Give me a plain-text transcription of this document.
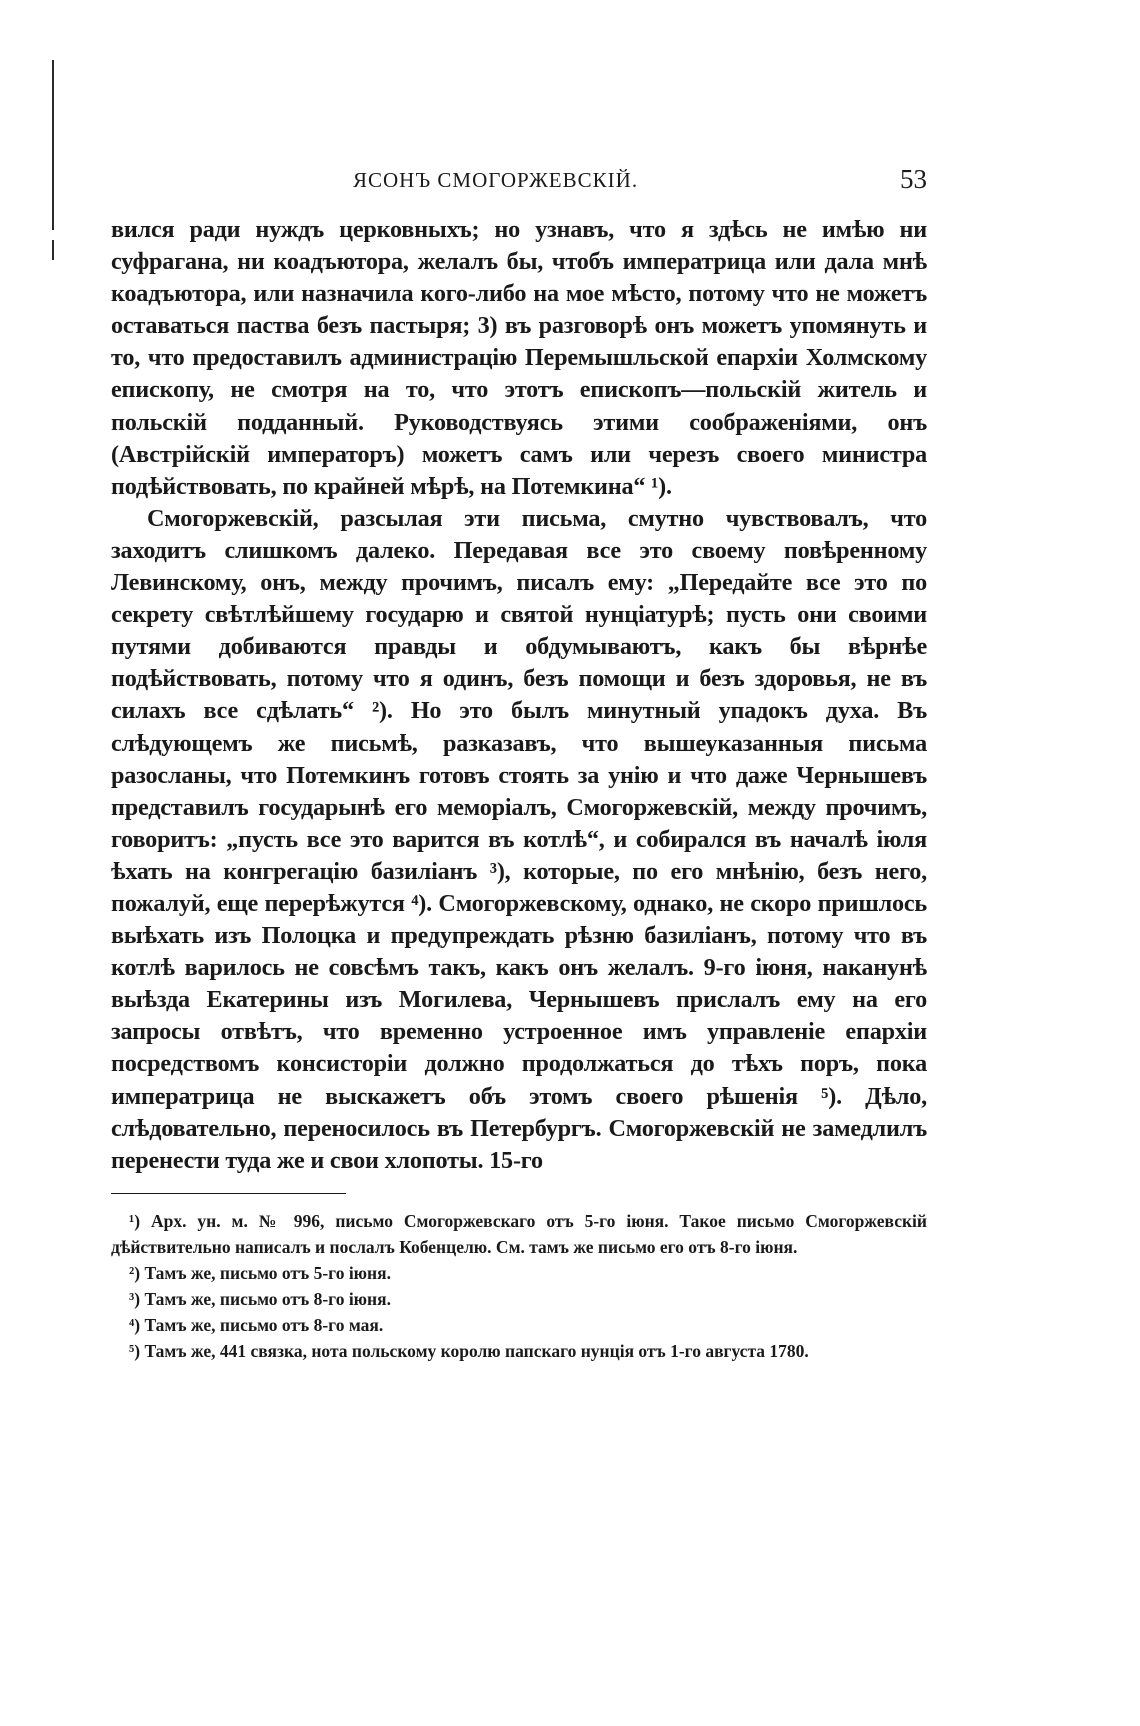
ЯСОНЪ СМОГОРЖЕВСКІЙ.	53

вился ради нуждъ церковныхъ; но узнавъ, что я здѣсь не имѣю ни суфрагана, ни коадъютора, желалъ бы, чтобъ императрица или дала мнѣ коадъютора, или назначила кого-либо на мое мѣсто, потому что не можетъ оставаться паства безъ пастыря; 3) въ разговорѣ онъ можетъ упомянуть и то, что предоставилъ администрацію Перемышльской епархіи Холмскому епископу, не смотря на то, что этотъ епископъ—польскій житель и польскій подданный. Руководствуясь этими соображеніями, онъ (Австрійскій императоръ) можетъ самъ или черезъ своего министра подѣйствовать, по крайней мѣрѣ, на Потемкина“ ¹).

Смогоржевскій, разсылая эти письма, смутно чувствовалъ, что заходитъ слишкомъ далеко. Передавая все это своему повѣренному Левинскому, онъ, между прочимъ, писалъ ему: „Передайте все это по секрету свѣтлѣйшему государю и святой нунціатурѣ; пусть они своими путями добиваются правды и обдумываютъ, какъ бы вѣрнѣе подѣйствовать, потому что я одинъ, безъ помощи и безъ здоровья, не въ силахъ все сдѣлать“ ²). Но это былъ минутный упадокъ духа. Въ слѣдующемъ же письмѣ, разказавъ, что вышеуказанныя письма разосланы, что Потемкинъ готовъ стоять за унію и что даже Чернышевъ представилъ государынѣ его меморіалъ, Смогоржевскій, между прочимъ, говоритъ: „пусть все это варится въ котлѣ“, и собирался въ началѣ іюля ѣхать на конгрегацію базиліанъ ³), которые, по его мнѣнію, безъ него, пожалуй, еще перерѣжутся ⁴). Смогоржевскому, однако, не скоро пришлось выѣхать изъ Полоцка и предупреждать рѣзню базиліанъ, потому что въ котлѣ варилось не совсѣмъ такъ, какъ онъ желалъ. 9-го іюня, наканунѣ выѣзда Екатерины изъ Могилева, Чернышевъ прислалъ ему на его запросы отвѣтъ, что временно устроенное имъ управленіе епархіи посредствомъ консисторіи должно продолжаться до тѣхъ поръ, пока императрица не выскажетъ объ этомъ своего рѣшенія ⁵). Дѣло, слѣдовательно, переносилось въ Петербургъ. Смогоржевскій не замедлилъ перенести туда же и свои хлопоты. 15-го

¹) Арх. ун. м. № 996, письмо Смогоржевскаго отъ 5-го іюня. Такое письмо Смогоржевскій дѣйствительно написалъ и послалъ Кобенцелю. См. тамъ же письмо его отъ 8-го іюня.

²) Тамъ же, письмо отъ 5-го іюня.

³) Тамъ же, письмо отъ 8-го іюня.

⁴) Тамъ же, письмо отъ 8-го мая.

⁵) Тамъ же, 441 связка, нота польскому королю папскаго нунція отъ 1-го августа 1780.
